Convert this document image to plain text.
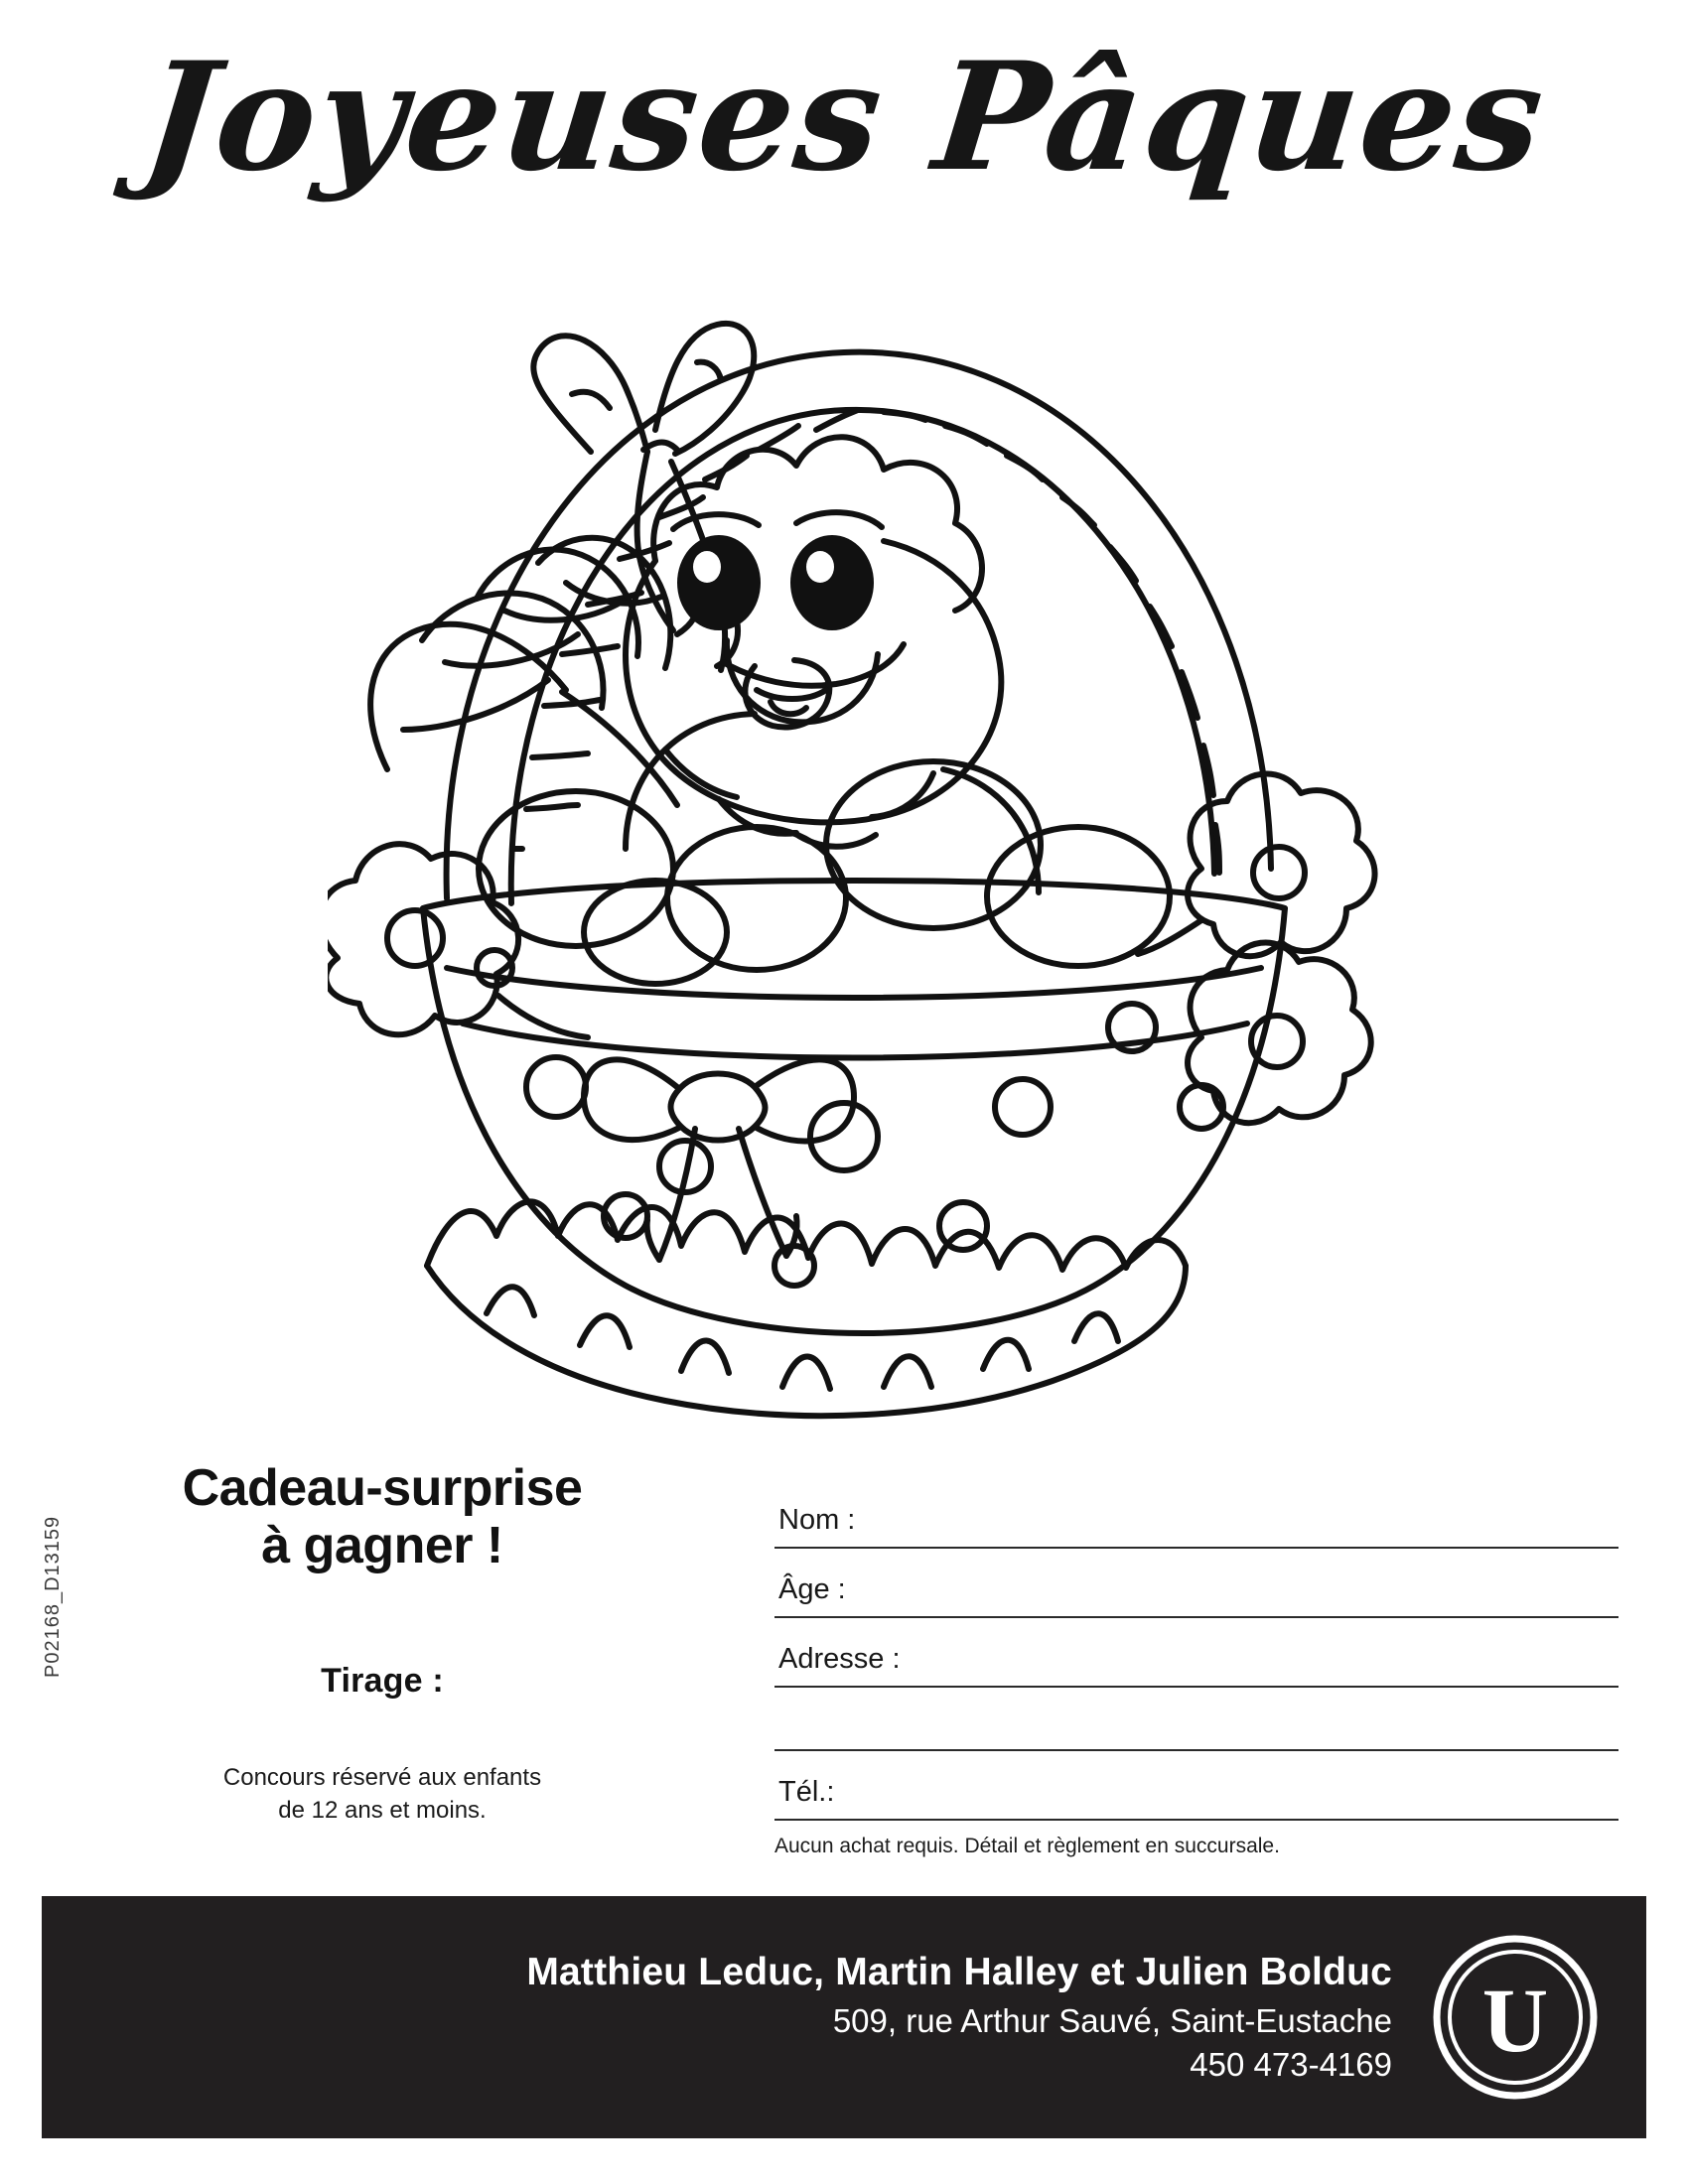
Joyeuses Pâques
Cadeau-surprise
à gagner !
Tirage :
Concours réservé aux enfants
de 12 ans et moins.
P02168_D13159	Nom :
Âge :
Adresse :
Tél.:
Aucun achat requis. Détail et règlement en succursale.
Matthieu Leduc, Martin Halley et Julien Bolduc
509, rue Arthur Sauvé, Saint-Eustache
450 473-4169 U
